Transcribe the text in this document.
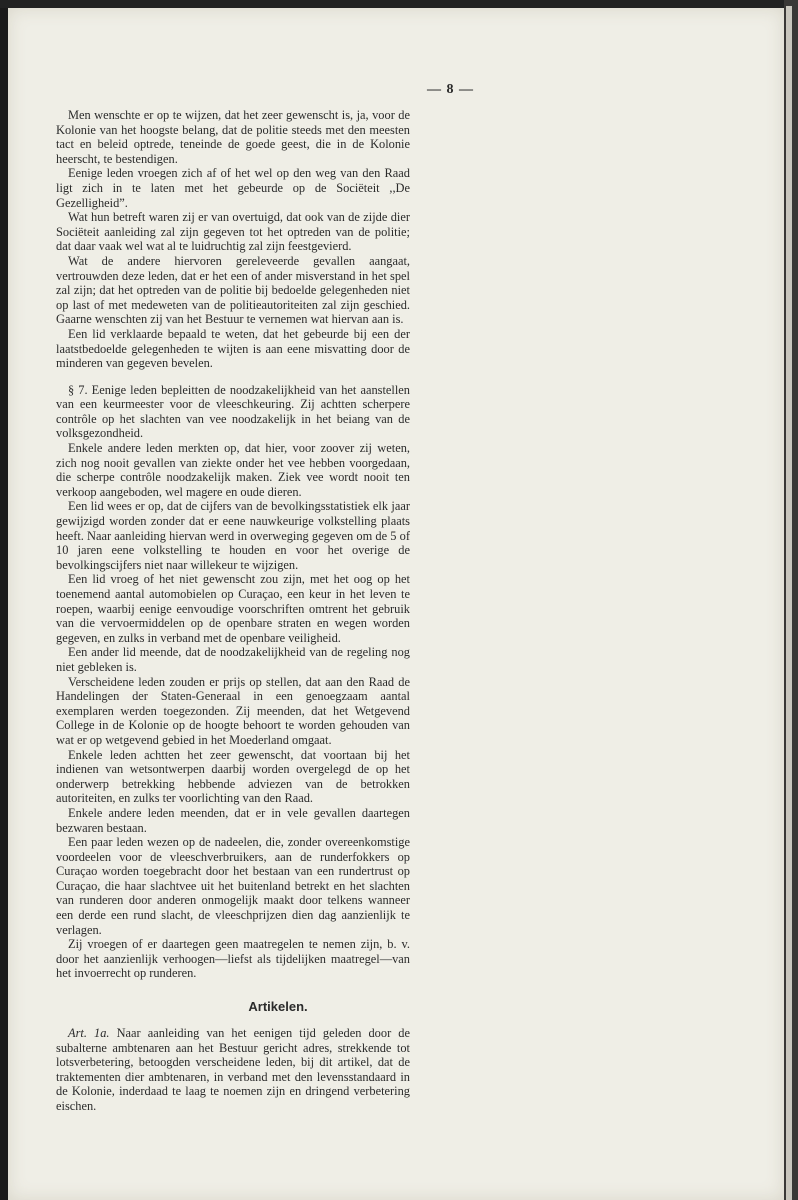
— 8 —

Men wenschte er op te wijzen, dat het zeer gewenscht is, ja, voor de Kolonie van het hoogste belang, dat de politie steeds met den meesten tact en beleid optrede, teneinde de goede geest, die in de Kolonie heerscht, te bestendigen.

Eenige leden vroegen zich af of het wel op den weg van den Raad ligt zich in te laten met het gebeurde op de Sociëteit ,,De Gezelligheid”.

Wat hun betreft waren zij er van overtuigd, dat ook van de zijde dier Sociëteit aanleiding zal zijn gegeven tot het optreden van de politie; dat daar vaak wel wat al te luidruchtig zal zijn feestgevierd.

Wat de andere hiervoren gereleveerde gevallen aangaat, vertrouwden deze leden, dat er het een of ander misverstand in het spel zal zijn; dat het optreden van de politie bij bedoelde gelegenheden niet op last of met medeweten van de politieautoriteiten zal zijn geschied. Gaarne wenschten zij van het Bestuur te vernemen wat hiervan aan is.

Een lid verklaarde bepaald te weten, dat het gebeurde bij een der laatstbedoelde gelegenheden te wijten is aan eene misvatting door de minderen van gegeven bevelen.

§ 7. Eenige leden bepleitten de noodzakelijkheid van het aanstellen van een keurmeester voor de vleeschkeuring. Zij achtten scherpere contrôle op het slachten van vee noodzakelijk in het beiang van de volksgezondheid.

Enkele andere leden merkten op, dat hier, voor zoover zij weten, zich nog nooit gevallen van ziekte onder het vee hebben voorgedaan, die scherpe contrôle noodzakelijk maken. Ziek vee wordt nooit ten verkoop aangeboden, wel magere en oude dieren.

Een lid wees er op, dat de cijfers van de bevolkingsstatistiek elk jaar gewijzigd worden zonder dat er eene nauwkeurige volkstelling plaats heeft. Naar aanleiding hiervan werd in overweging gegeven om de 5 of 10 jaren eene volkstelling te houden en voor het overige de bevolkingscijfers niet naar willekeur te wijzigen.

Een lid vroeg of het niet gewenscht zou zijn, met het oog op het toenemend aantal automobielen op Curaçao, een keur in het leven te roepen, waarbij eenige eenvoudige voorschriften omtrent het gebruik van die vervoermiddelen op de openbare straten en wegen worden gegeven, en zulks in verband met de openbare veiligheid.

Een ander lid meende, dat de noodzakelijkheid van de regeling nog niet gebleken is.

Verscheidene leden zouden er prijs op stellen, dat aan den Raad de Handelingen der Staten-Generaal in een genoegzaam aantal exemplaren werden toegezonden. Zij meenden, dat het Wetgevend College in de Kolonie op de hoogte behoort te worden gehouden van wat er op wetgevend gebied in het Moederland omgaat.

Enkele leden achtten het zeer gewenscht, dat voortaan bij het indienen van wetsontwerpen daarbij worden overgelegd de op het onderwerp betrekking hebbende adviezen van de betrokken autoriteiten, en zulks ter voorlichting van den Raad.

Enkele andere leden meenden, dat er in vele gevallen daartegen bezwaren bestaan.

Een paar leden wezen op de nadeelen, die, zonder overeenkomstige voordeelen voor de vleeschverbruikers, aan de runderfokkers op Curaçao worden toegebracht door het bestaan van een rundertrust op Curaçao, die haar slachtvee uit het buitenland betrekt en het slachten van runderen door anderen onmogelijk maakt door telkens wanneer een derde een rund slacht, de vleeschprijzen dien dag aanzienlijk te verlagen.

Zij vroegen of er daartegen geen maatregelen te nemen zijn, b. v. door het aanzienlijk verhoogen—liefst als tijdelijken maatregel—van het invoerrecht op runderen.

Artikelen.

Art. 1a. Naar aanleiding van het eenigen tijd geleden door de subalterne ambtenaren aan het Bestuur gericht adres, strekkende tot lotsverbetering, betoogden verscheidene leden, bij dit artikel, dat de traktementen dier ambtenaren, in verband met den levensstandaard in de Kolonie, inderdaad te laag te noemen zijn en dringend verbetering eischen.
